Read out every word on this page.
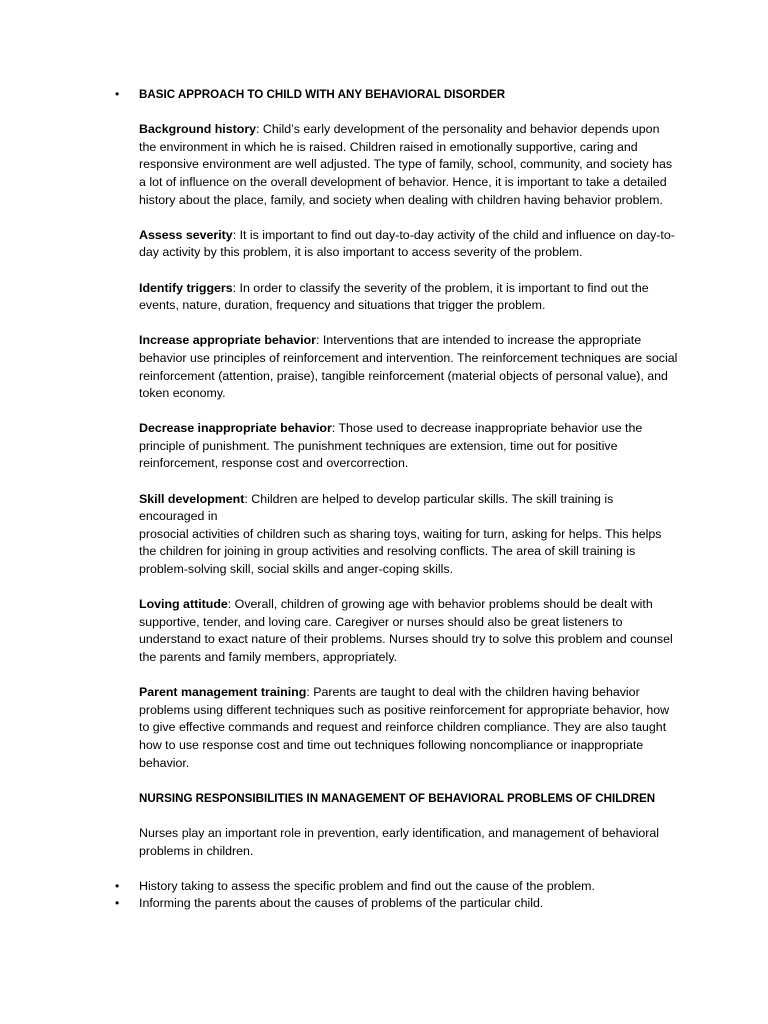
•	BASIC APPROACH TO CHILD WITH ANY BEHAVIORAL DISORDER

Background history: Child’s early development of the personality and behavior depends upon the environment in which he is raised. Children raised in emotionally supportive, caring and responsive environment are well adjusted. The type of family, school, community, and society has a lot of influence on the overall development of behavior. Hence, it is important to take a detailed history about the place, family, and society when dealing with children having behavior problem.

Assess severity: It is important to find out day-to-day activity of the child and influence on day-to-day activity by this problem, it is also important to access severity of the problem.

Identify triggers: In order to classify the severity of the problem, it is important to find out the events, nature, duration, frequency and situations that trigger the problem.

Increase appropriate behavior: Interventions that are intended to increase the appropriate behavior use principles of reinforcement and intervention. The reinforcement techniques are social reinforcement (attention, praise), tangible reinforcement (material objects of personal value), and token economy.

Decrease inappropriate behavior: Those used to decrease inappropriate behavior use the principle of punishment. The punishment techniques are extension, time out for positive reinforcement, response cost and overcorrection.

Skill development: Children are helped to develop particular skills. The skill training is encouraged in
prosocial activities of children such as sharing toys, waiting for turn, asking for helps. This helps the children for joining in group activities and resolving conflicts. The area of skill training is problem-solving skill, social skills and anger-coping skills.

Loving attitude: Overall, children of growing age with behavior problems should be dealt with supportive, tender, and loving care. Caregiver or nurses should also be great listeners to understand to exact nature of their problems. Nurses should try to solve this problem and counsel the parents and family members, appropriately.

Parent management training: Parents are taught to deal with the children having behavior problems using different techniques such as positive reinforcement for appropriate behavior, how to give effective commands and request and reinforce children compliance. They are also taught how to use response cost and time out techniques following noncompliance or inappropriate behavior.

NURSING RESPONSIBILITIES IN MANAGEMENT OF BEHAVIORAL PROBLEMS OF CHILDREN

Nurses play an important role in prevention, early identification, and management of behavioral problems in children.

•	History taking to assess the specific problem and find out the cause of the problem.

•	Informing the parents about the causes of problems of the particular child.
